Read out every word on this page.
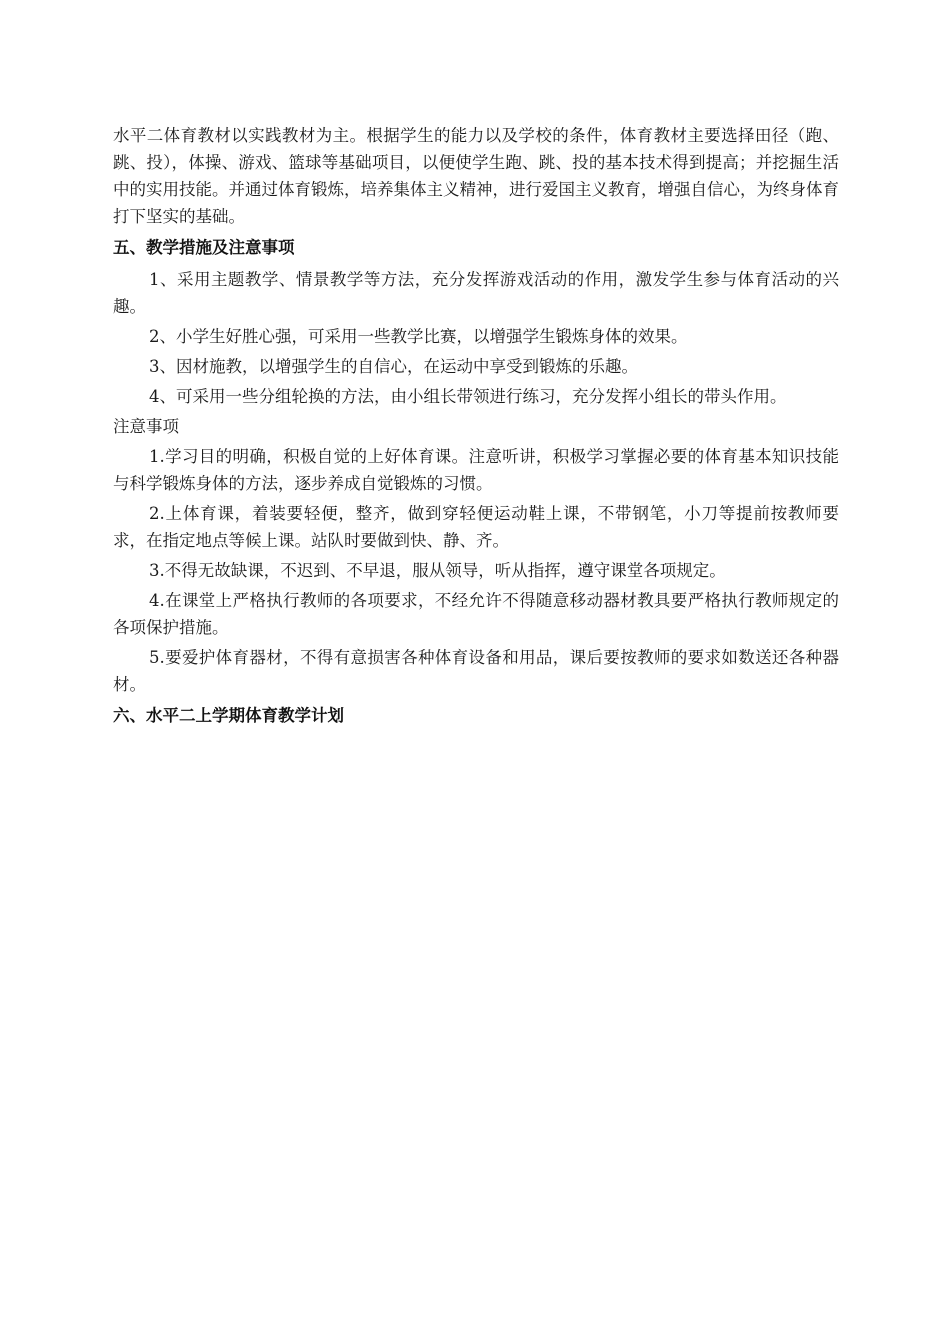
水平二体育教材以实践教材为主。根据学生的能力以及学校的条件，体育教材主要选择田径（跑、跳、投），体操、游戏、篮球等基础项目，以便使学生跑、跳、投的基本技术得到提高；并挖掘生活中的实用技能。并通过体育锻炼，培养集体主义精神，进行爱国主义教育，增强自信心，为终身体育打下坚实的基础。

五、教学措施及注意事项

1、采用主题教学、情景教学等方法，充分发挥游戏活动的作用，激发学生参与体育活动的兴趣。

2、小学生好胜心强，可采用一些教学比赛，以增强学生锻炼身体的效果。

3、因材施教，以增强学生的自信心，在运动中享受到锻炼的乐趣。

4、可采用一些分组轮换的方法，由小组长带领进行练习，充分发挥小组长的带头作用。

注意事项

1.学习目的明确，积极自觉的上好体育课。注意听讲，积极学习掌握必要的体育基本知识技能与科学锻炼身体的方法，逐步养成自觉锻炼的习惯。

2.上体育课，着装要轻便，整齐，做到穿轻便运动鞋上课，不带钢笔，小刀等提前按教师要求，在指定地点等候上课。站队时要做到快、静、齐。

3.不得无故缺课，不迟到、不早退，服从领导，听从指挥，遵守课堂各项规定。

4.在课堂上严格执行教师的各项要求，不经允许不得随意移动器材教具要严格执行教师规定的各项保护措施。

5.要爱护体育器材，不得有意损害各种体育设备和用品，课后要按教师的要求如数送还各种器材。

六、水平二上学期体育教学计划
